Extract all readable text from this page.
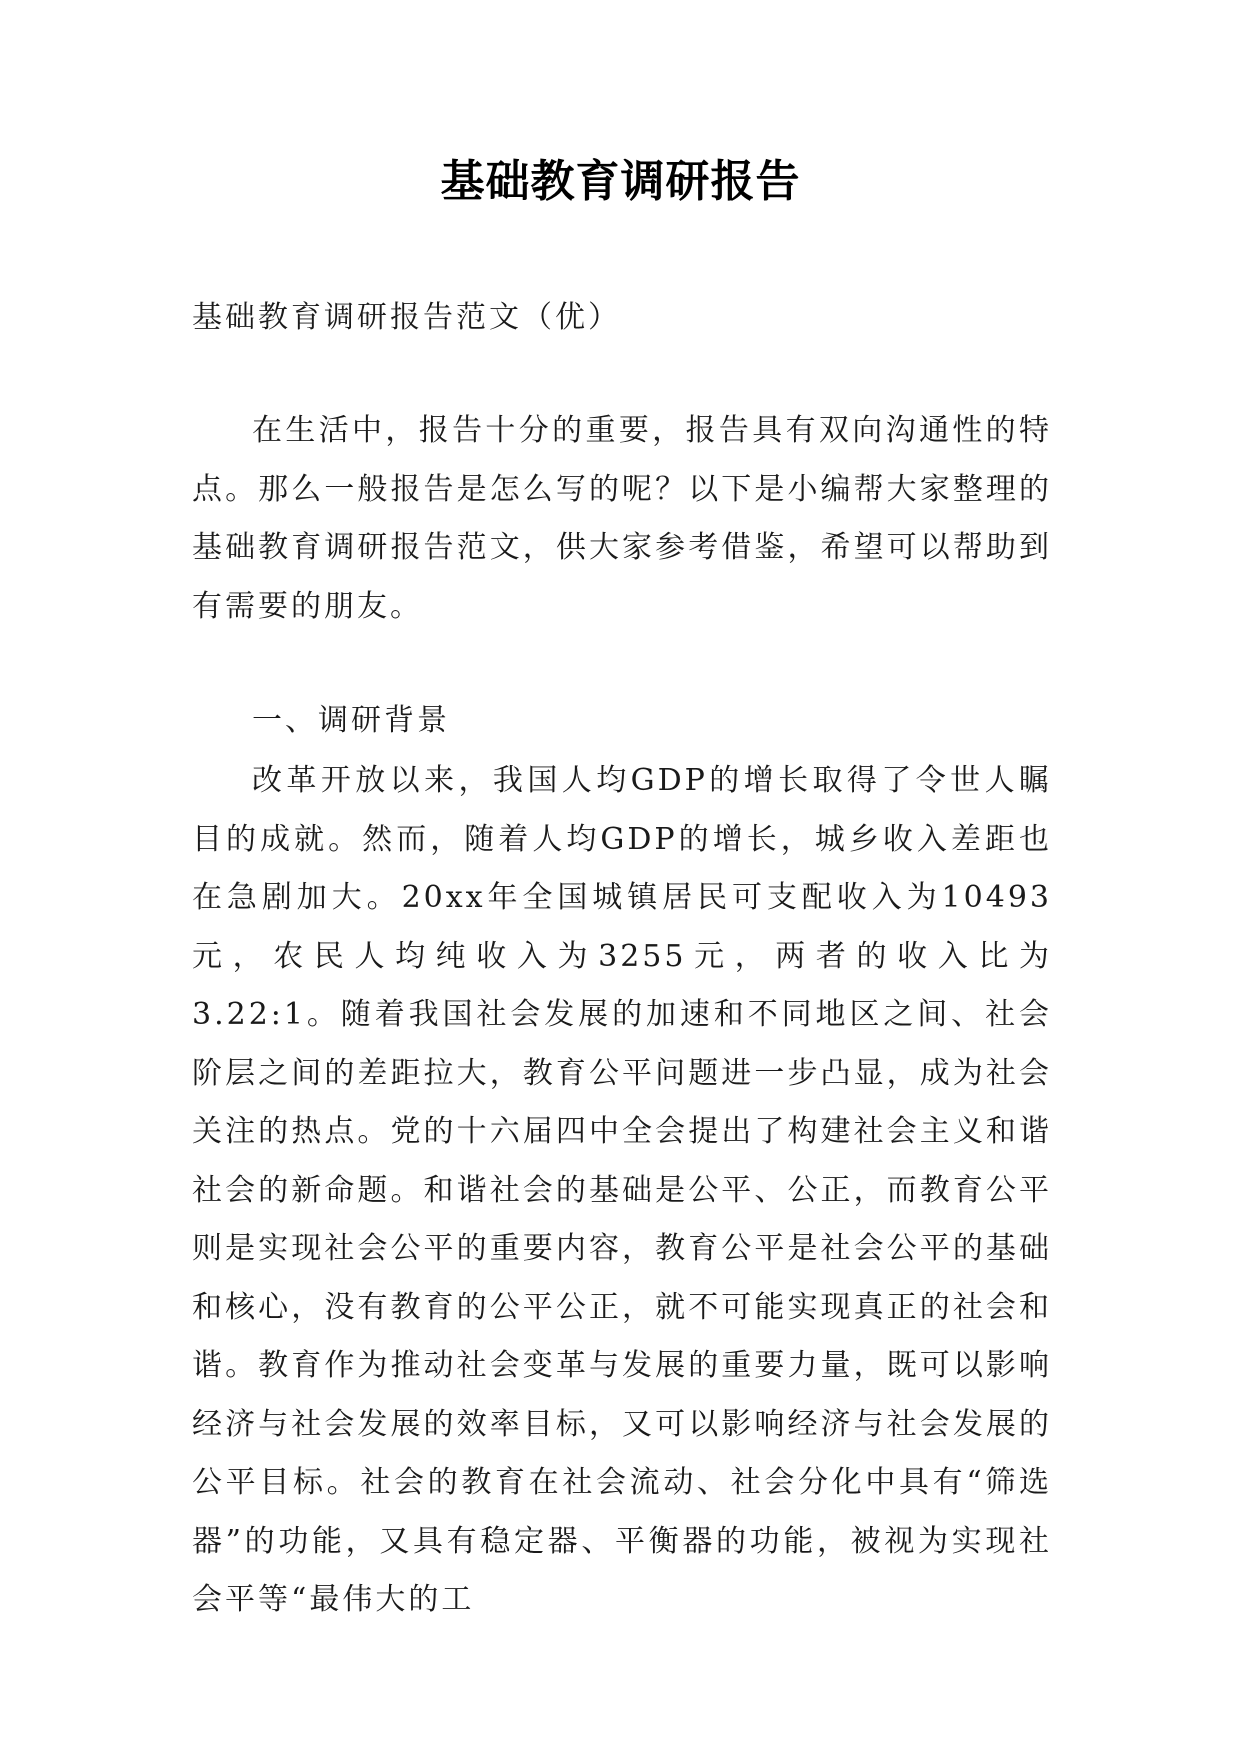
基础教育调研报告

基础教育调研报告范文（优）

在生活中，报告十分的重要，报告具有双向沟通性的特点。那么一般报告是怎么写的呢？以下是小编帮大家整理的基础教育调研报告范文，供大家参考借鉴，希望可以帮助到有需要的朋友。

一、调研背景

改革开放以来，我国人均GDP的增长取得了令世人瞩目的成就。然而，随着人均GDP的增长，城乡收入差距也在急剧加大。20xx年全国城镇居民可支配收入为10493元，农民人均纯收入为3255元，两者的收入比为3.22:1。随着我国社会发展的加速和不同地区之间、社会阶层之间的差距拉大，教育公平问题进一步凸显，成为社会关注的热点。党的十六届四中全会提出了构建社会主义和谐社会的新命题。和谐社会的基础是公平、公正，而教育公平则是实现社会公平的重要内容，教育公平是社会公平的基础和核心，没有教育的公平公正，就不可能实现真正的社会和谐。教育作为推动社会变革与发展的重要力量，既可以影响经济与社会发展的效率目标，又可以影响经济与社会发展的公平目标。社会的教育在社会流动、社会分化中具有“筛选器”的功能，又具有稳定器、平衡器的功能，被视为实现社会平等“最伟大的工
